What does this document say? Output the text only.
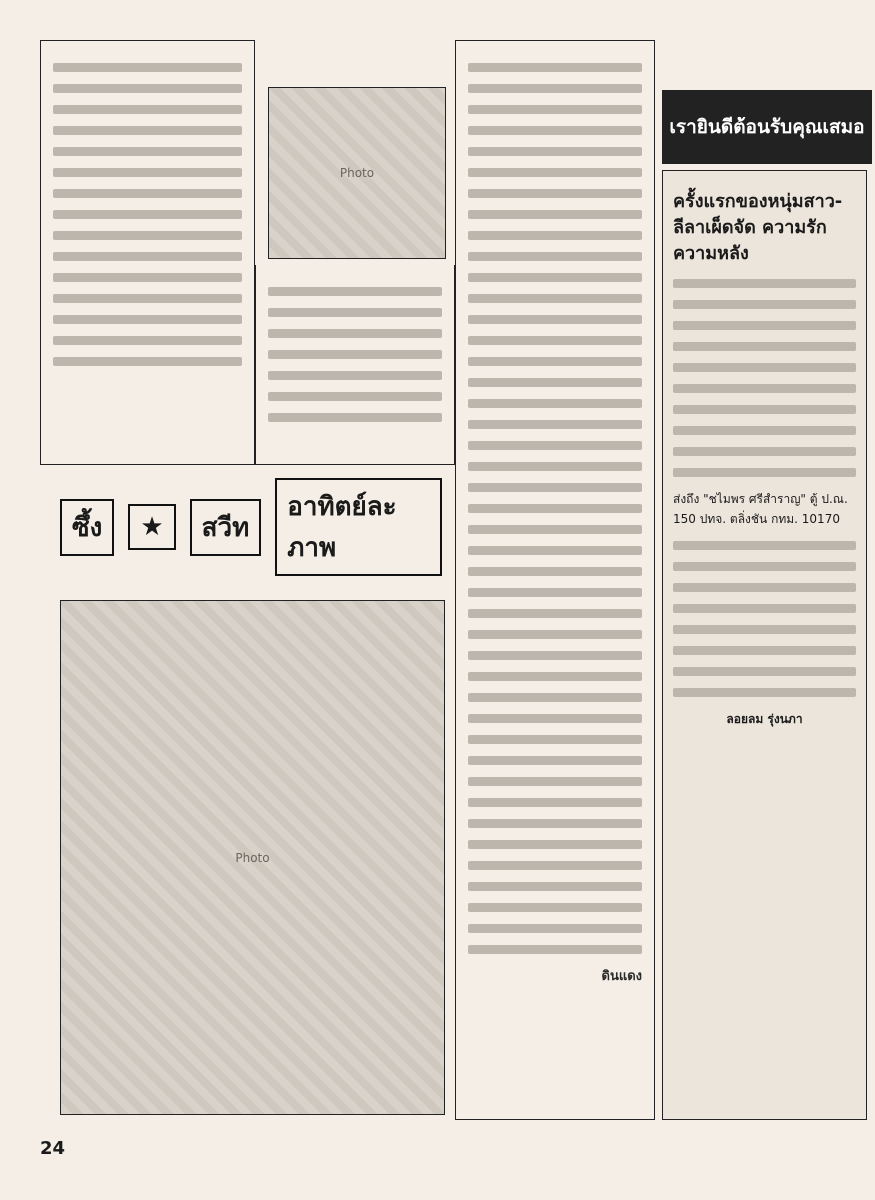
Photo
ซึ้ง	★	สวีท
อาทิตย์ละภาพ
Photo
ดินแดง
เรายินดีต้อนรับคุณเสมอ
ครั้งแรกของหนุ่มสาว-ลีลาเผ็ดจัด ความรักความหลัง

ส่งถึง "ชไมพร ศรีสำราญ" ตู้ ป.ณ. 150 ปทจ. ตลิ่งชัน กทม. 10170

ลอยลม รุ่งนภา

24
